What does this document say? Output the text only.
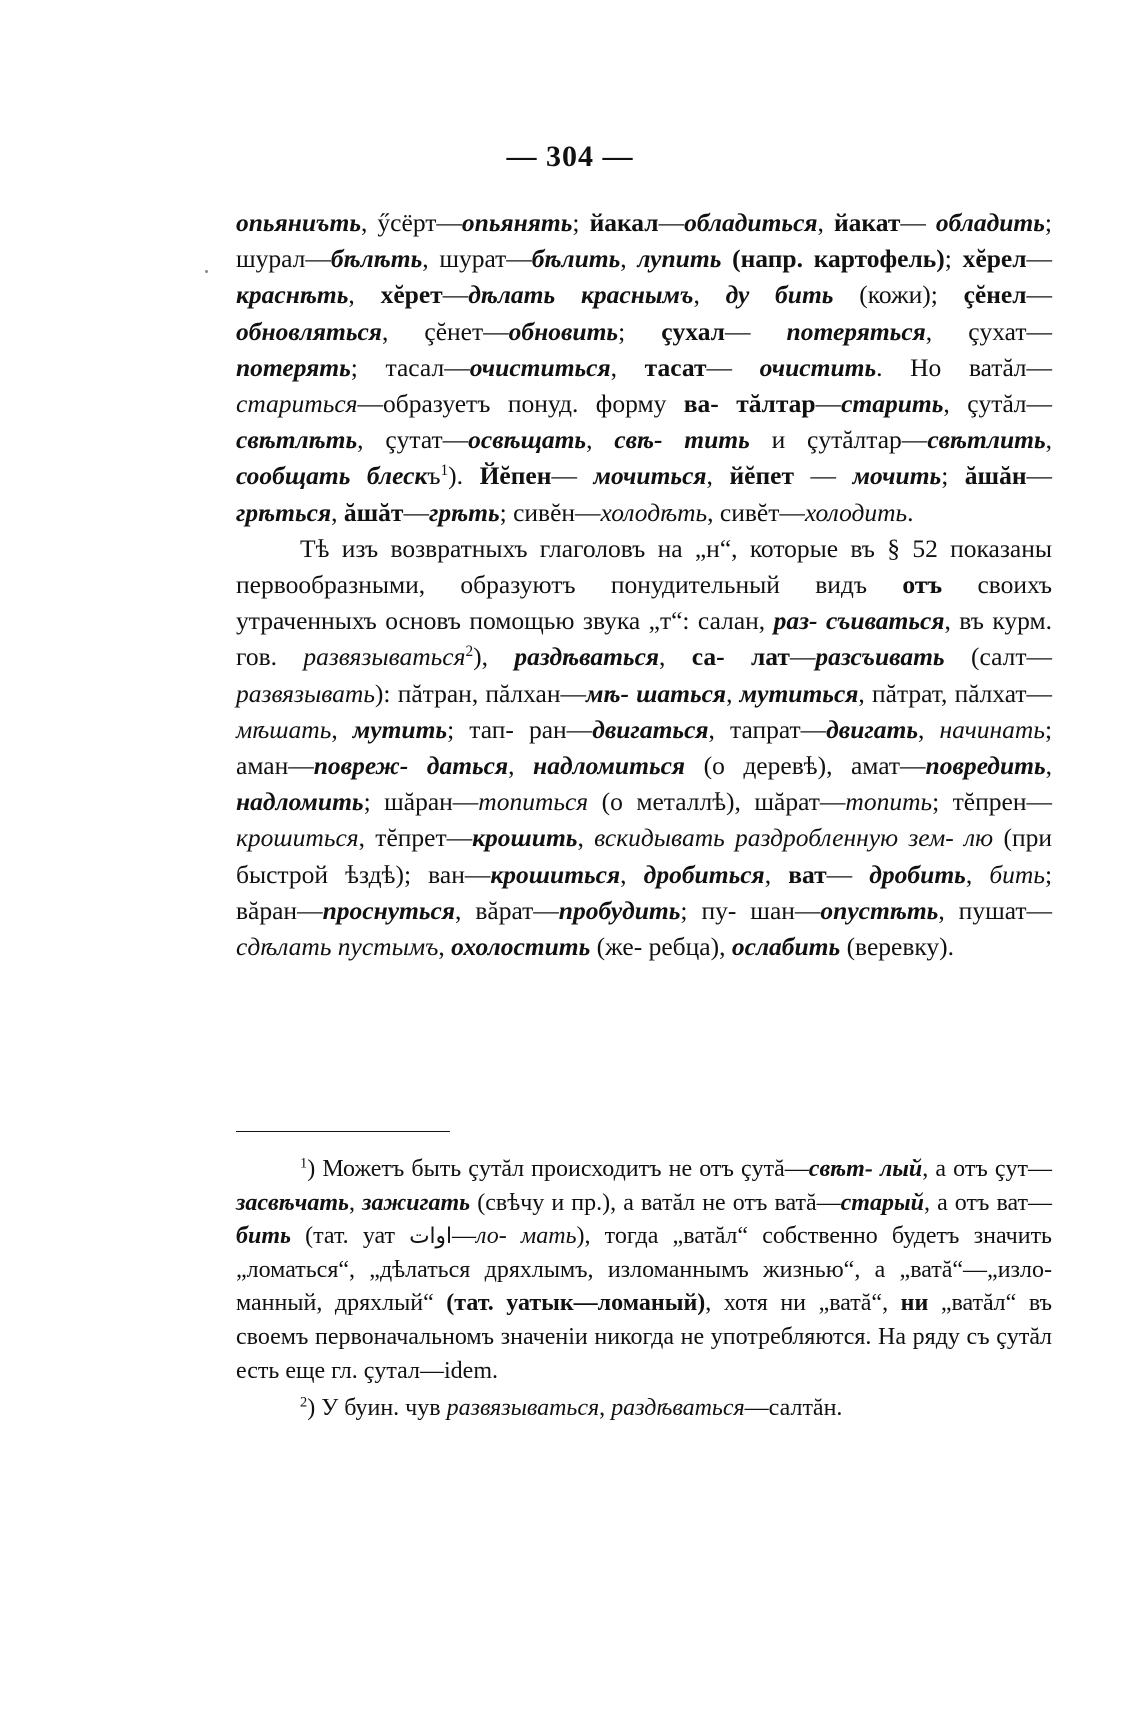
— 304 —

опьяниъть, ӳсёрт—опьянять; йакал—обладиться, йакат— обладить; шурал—бѣлѣть, шурат—бѣлить, лупить (напр. картофель); хĕрел—краснѣть, хĕрет—дѣлать краснымъ, ду бить (кожи); çĕнел—обновляться, çĕнет—обновить; çухал— потеряться, çухат—потерять; тасал—очиститься, тасат— очистить. Но ватăл—стариться—образуетъ понуд. форму ва- тăлтар—старить, çутăл—свѣтлѣть, çутат—освѣщать, свѣ- тить и çутăлтар—свѣтлить, сообщать блескъ$^1$). Йĕпен— мочиться, йĕпет — мочить; ăшăн—грѣться, ăшăт—грѣть; сивĕн—холодѣть, сивĕт—холодить.

Тѣ изъ возвратныхъ глаголовъ на „н“, которые въ § 52 показаны первообразными, образуютъ понудительный видъ отъ своихъ утраченныхъ основъ помощью звука „т“: салан, раз- съиваться, въ курм. гов. развязываться$^2$), раздѣваться, са- лат—разсъивать (салт—развязывать): пăтран, пăлхан—мѣ- шаться, мутиться, пăтрат, пăлхат—мѣшать, мутить; тап- ран—двигаться, тапрат—двигать, начинать; аман—повреж- даться, надломиться (о деревѣ), амат—повредить, надломить; шăран—топиться (о металлѣ), шăрат—топить; тĕпрен— крошиться, тĕпрет—крошить, вскидывать раздробленную зем- лю (при быстрой ѣздѣ); ван—крошиться, дробиться, ват— дробить, бить; вăран—проснуться, вăрат—пробудить; пу- шан—опустѣть, пушат—сдѣлать пустымъ, охолостить (же- ребца), ослабить (веревку).

$^1$) Можетъ быть çутăл происходитъ не отъ çутă—свѣт- лый, а отъ çут—засвѣчать, зажигать (свѣчу и пр.), а ватăл не отъ ватă—старый, а отъ ват—бить (тат. уат اوات—ло- мать), тогда „ватăл“ собственно будетъ значить „ломаться“, „дѣлаться дряхлымъ, изломаннымъ жизнью“, а „ватă“—„изло- манный, дряхлый“ (тат. уатык—ломаный), хотя ни „ватă“, ни „ватăл“ въ своемъ первоначальномъ значеніи никогда не употребляются. На ряду съ çутăл есть еще гл. çутал—idem.

$^2$) У буин. чув развязываться, раздѣваться—салтăн.
